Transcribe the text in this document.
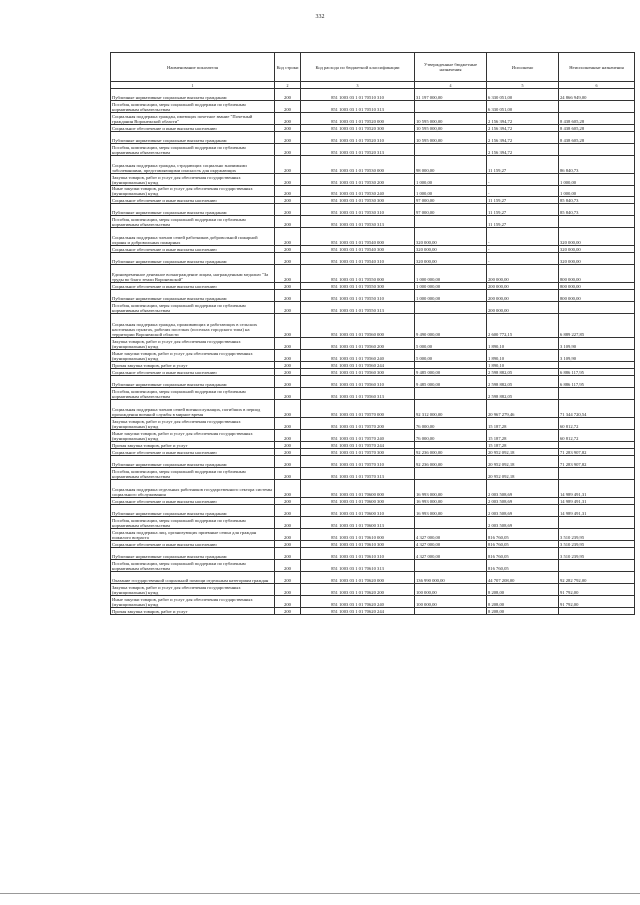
332
Наименование показателя	Код строки	Код расхода по бюджетной классификации	Утвержденные бюджетные назначения	Исполнено	Неисполненные назначения
1	2	3	4	5	6
Публичные нормативные социальные выплаты гражданам	200	851 1003 03 1 01 70510 310	31 197 000,00	6 330 051,00	24 866 949,00
Пособия, компенсации, меры социальной поддержки по публичным нормативным обязательствам	200	851 1003 03 1 01 70510 313		6 330 051,00	
Социальная поддержка граждан, имеющих почетное звание "Почетный гражданин Воронежской области"	200	851 1003 03 1 01 70520 000	10 595 000,00	2 156 394,72	8 438 605,28
Социальное обеспечение и иные выплаты населению	200	851 1003 03 1 01 70520 300	10 595 000,00	2 156 394,72	8 438 605,28
Публичные нормативные социальные выплаты гражданам	200	851 1003 03 1 01 70520 310	10 595 000,00	2 156 394,72	8 438 605,28
Пособия, компенсации, меры социальной поддержки по публичным нормативным обязательствам	200	851 1003 03 1 01 70520 313		2 156 394,72	
Социальная поддержка граждан, страдающих социально значимыми заболеваниями, представляющими опасность для окружающих	200	851 1003 03 1 01 70530 000	98 000,00	11 159,27	86 840,73
Закупка товаров, работ и услуг для обеспечения государственных (муниципальных) нужд	200	851 1003 03 1 01 70530 200	1 000,00	-	1 000,00
Иные закупки товаров, работ и услуг для обеспечения государственных (муниципальных) нужд	200	851 1003 03 1 01 70530 240	1 000,00	-	1 000,00
Социальное обеспечение и иные выплаты населению	200	851 1003 03 1 01 70530 300	97 000,00	11 159,27	85 840,73
Публичные нормативные социальные выплаты гражданам	200	851 1003 03 1 01 70530 310	97 000,00	11 159,27	85 840,73
Пособия, компенсации, меры социальной поддержки по публичным нормативным обязательствам	200	851 1003 03 1 01 70530 313		11 159,27	
Социальная поддержка членов семей работников добровольной пожарной охраны и добровольных пожарных	200	851 1003 03 1 01 70540 000	320 000,00	-	320 000,00
Социальное обеспечение и иные выплаты населению	200	851 1003 03 1 01 70540 300	320 000,00	-	320 000,00
Публичные нормативные социальные выплаты гражданам	200	851 1003 03 1 01 70540 310	320 000,00	-	320 000,00
Единовременное денежное вознаграждение лицам, награжденным медалью "За труды во благо земли Воронежской"	200	851 1003 03 1 01 70550 000	1 000 000,00	200 000,00	800 000,00
Социальное обеспечение и иные выплаты населению	200	851 1003 03 1 01 70550 300	1 000 000,00	200 000,00	800 000,00
Публичные нормативные социальные выплаты гражданам	200	851 1003 03 1 01 70550 310	1 000 000,00	200 000,00	800 000,00
Пособия, компенсации, меры социальной поддержки по публичным нормативным обязательствам	200	851 1003 03 1 01 70550 313		200 000,00	
Социальная поддержка граждан, проживающих и работающих в сельских населенных пунктах, рабочих поселках (поселках городского типа) на территории Воронежской области	200	851 1003 03 1 01 70560 000	9 490 000,00	2 600 772,15	6 889 227,85
Закупка товаров, работ и услуг для обеспечения государственных (муниципальных) нужд	200	851 1003 03 1 01 70560 200	5 000,00	1 890,10	3 109,90
Иные закупки товаров, работ и услуг для обеспечения государственных (муниципальных) нужд	200	851 1003 03 1 01 70560 240	5 000,00	1 890,10	3 109,90
Прочая закупка товаров, работ и услуг	200	851 1003 03 1 01 70560 244		1 890,10	
Социальное обеспечение и иные выплаты населению	200	851 1003 03 1 01 70560 300	9 485 000,00	2 598 882,05	6 886 117,95
Публичные нормативные социальные выплаты гражданам	200	851 1003 03 1 01 70560 310	9 485 000,00	2 598 882,05	6 886 117,95
Пособия, компенсации, меры социальной поддержки по публичным нормативным обязательствам	200	851 1003 03 1 01 70560 313		2 598 882,05	
Социальная поддержка членов семей военнослужащих, погибших в период прохождения военной службы в мирное время	200	851 1003 03 1 01 70570 000	92 312 000,00	20 967 279,46	71 344 720,54
Закупка товаров, работ и услуг для обеспечения государственных (муниципальных) нужд	200	851 1003 03 1 01 70570 200	76 000,00	15 187,28	60 812,72
Иные закупки товаров, работ и услуг для обеспечения государственных (муниципальных) нужд	200	851 1003 03 1 01 70570 240	76 000,00	15 187,28	60 812,72
Прочая закупка товаров, работ и услуг	200	851 1003 03 1 01 70570 244		15 187,28	
Социальное обеспечение и иные выплаты населению	200	851 1003 03 1 01 70570 300	92 236 000,00	20 952 092,18	71 283 907,82
Публичные нормативные социальные выплаты гражданам	200	851 1003 03 1 01 70570 310	92 236 000,00	20 952 092,18	71 283 907,82
Пособия, компенсации, меры социальной поддержки по публичным нормативным обязательствам	200	851 1003 03 1 01 70570 313		20 952 092,18	
Социальная поддержка отдельных работников государственного сектора системы социального обслуживания	200	851 1003 03 1 01 70600 000	16 993 000,00	2 003 508,69	14 989 491,31
Социальное обеспечение и иные выплаты населению	200	851 1003 03 1 01 70600 300	16 993 000,00	2 003 508,69	14 989 491,31
Публичные нормативные социальные выплаты гражданам	200	851 1003 03 1 01 70600 310	16 993 000,00	2 003 508,69	14 989 491,31
Пособия, компенсации, меры социальной поддержки по публичным нормативным обязательствам	200	851 1003 03 1 01 70600 313		2 003 508,69	
Социальная поддержка лиц, организующих приемные семьи для граждан пожилого возраста	200	851 1003 03 1 01 70610 000	4 327 000,00	816 760,05	3 510 239,95
Социальное обеспечение и иные выплаты населению	200	851 1003 03 1 01 70610 300	4 327 000,00	816 760,05	3 510 239,95
Публичные нормативные социальные выплаты гражданам	200	851 1003 03 1 01 70610 310	4 327 000,00	816 760,05	3 510 239,95
Пособия, компенсации, меры социальной поддержки по публичным нормативным обязательствам	200	851 1003 03 1 01 70610 313		816 760,05	
Оказание государственной социальной помощи отдельным категориям граждан	200	851 1003 03 1 01 70620 000	136 990 000,00	44 707 208,00	92 282 792,00
Закупка товаров, работ и услуг для обеспечения государственных (муниципальных) нужд	200	851 1003 03 1 01 70620 200	100 000,00	8 208,00	91 792,00
Иные закупки товаров, работ и услуг для обеспечения государственных (муниципальных) нужд	200	851 1003 03 1 01 70620 240	100 000,00	8 208,00	91 792,00
Прочая закупка товаров, работ и услуг	200	851 1003 03 1 01 70620 244		8 208,00	
